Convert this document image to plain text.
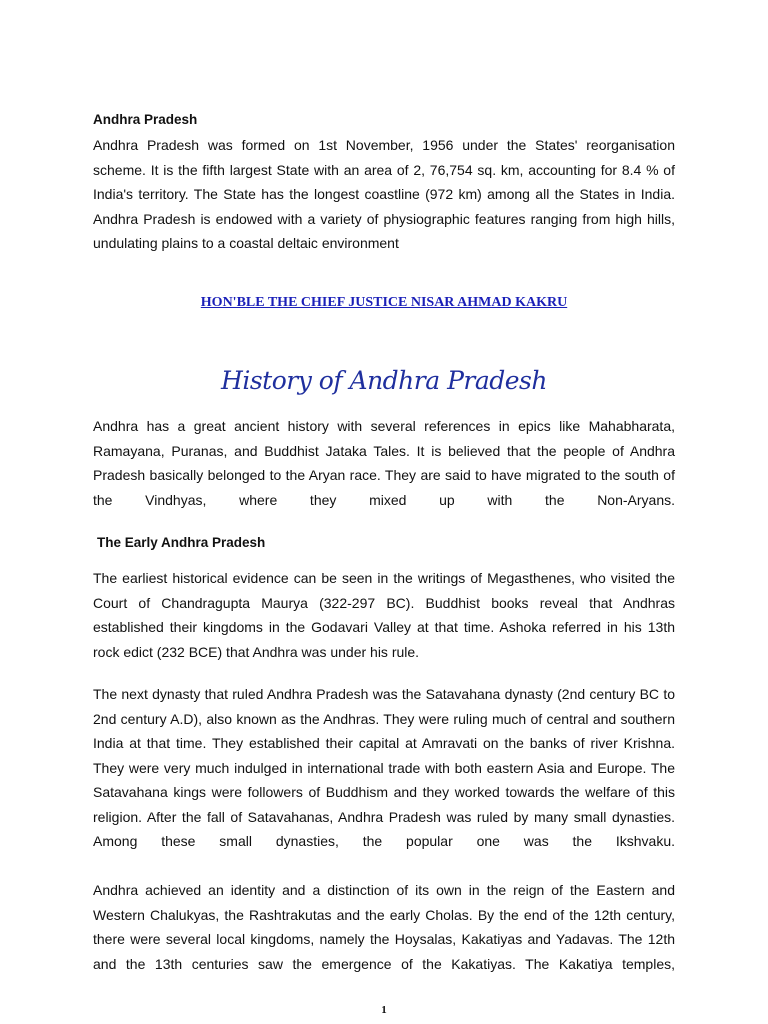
Andhra Pradesh
Andhra Pradesh was formed on 1st November, 1956 under the States' reorganisation scheme. It is the fifth largest State with an area of 2, 76,754 sq. km, accounting for 8.4 % of India's territory. The State has the longest coastline (972 km) among all the States in India. Andhra Pradesh is endowed with a variety of physiographic features ranging from high hills, undulating plains to a coastal deltaic environment
HON'BLE THE CHIEF JUSTICE NISAR AHMAD KAKRU
History of Andhra Pradesh
Andhra has a great ancient history with several references in epics like Mahabharata, Ramayana, Puranas, and Buddhist Jataka Tales. It is believed that the people of Andhra Pradesh basically belonged to the Aryan race. They are said to have migrated to the south of the Vindhyas, where they mixed up with the Non-Aryans.
The Early Andhra Pradesh
The earliest historical evidence can be seen in the writings of Megasthenes, who visited the Court of Chandragupta Maurya (322-297 BC). Buddhist books reveal that Andhras established their kingdoms in the Godavari Valley at that time. Ashoka referred in his 13th rock edict (232 BCE) that Andhra was under his rule.
The next dynasty that ruled Andhra Pradesh was the Satavahana dynasty (2nd century BC to 2nd century A.D), also known as the Andhras. They were ruling much of central and southern India at that time. They established their capital at Amravati on the banks of river Krishna. They were very much indulged in international trade with both eastern Asia and Europe. The Satavahana kings were followers of Buddhism and they worked towards the welfare of this religion. After the fall of Satavahanas, Andhra Pradesh was ruled by many small dynasties. Among these small dynasties, the popular one was the Ikshvaku.
Andhra achieved an identity and a distinction of its own in the reign of the Eastern and Western Chalukyas, the Rashtrakutas and the early Cholas. By the end of the 12th century, there were several local kingdoms, namely the Hoysalas, Kakatiyas and Yadavas. The 12th and the 13th centuries saw the emergence of the Kakatiyas. The Kakatiya temples,
1
